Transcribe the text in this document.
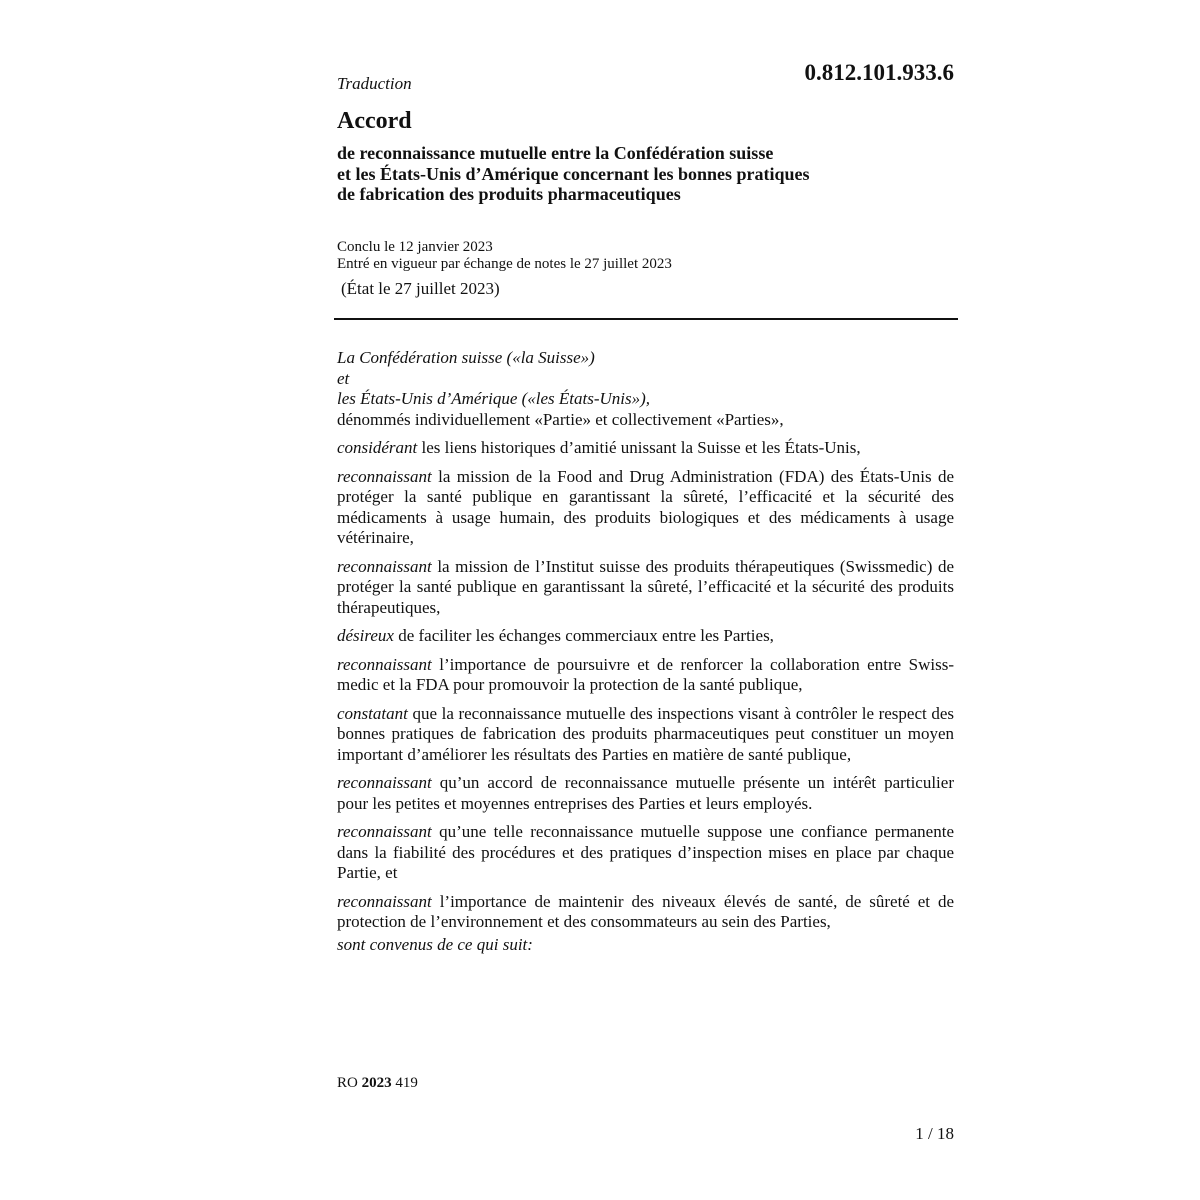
Traduction	0.812.101.933.6
Accord
de reconnaissance mutuelle entre la Confédération suisse
et les États-Unis d’Amérique concernant les bonnes pratiques
de fabrication des produits pharmaceutiques
Conclu le 12 janvier 2023
Entré en vigueur par échange de notes le 27 juillet 2023
(État le 27 juillet 2023)

La Confédération suisse («la Suisse»)
et
les États-Unis d’Amérique («les États-Unis»),
dénommés individuellement «Partie» et collectivement «Parties»,

considérant les liens historiques d’amitié unissant la Suisse et les États-Unis,

reconnaissant la mission de la Food and Drug Administration (FDA) des États-Unis de protéger la santé publique en garantissant la sûreté, l’efficacité et la sécurité des médicaments à usage humain, des produits biologiques et des médicaments à usage vétérinaire,

reconnaissant la mission de l’Institut suisse des produits thérapeutiques (Swissmedic) de protéger la santé publique en garantissant la sûreté, l’efficacité et la sécurité des produits thérapeutiques,

désireux de faciliter les échanges commerciaux entre les Parties,

reconnaissant l’importance de poursuivre et de renforcer la collaboration entre Swissmedic et la FDA pour promouvoir la protection de la santé publique,

constatant que la reconnaissance mutuelle des inspections visant à contrôler le respect des bonnes pratiques de fabrication des produits pharmaceutiques peut constituer un moyen important d’améliorer les résultats des Parties en matière de santé publique,

reconnaissant qu’un accord de reconnaissance mutuelle présente un intérêt particulier pour les petites et moyennes entreprises des Parties et leurs employés.

reconnaissant qu’une telle reconnaissance mutuelle suppose une confiance permanente dans la fiabilité des procédures et des pratiques d’inspection mises en place par chaque Partie, et

reconnaissant l’importance de maintenir des niveaux élevés de santé, de sûreté et de protection de l’environnement et des consommateurs au sein des Parties,

sont convenus de ce qui suit:

RO 2023 419
1 / 18
